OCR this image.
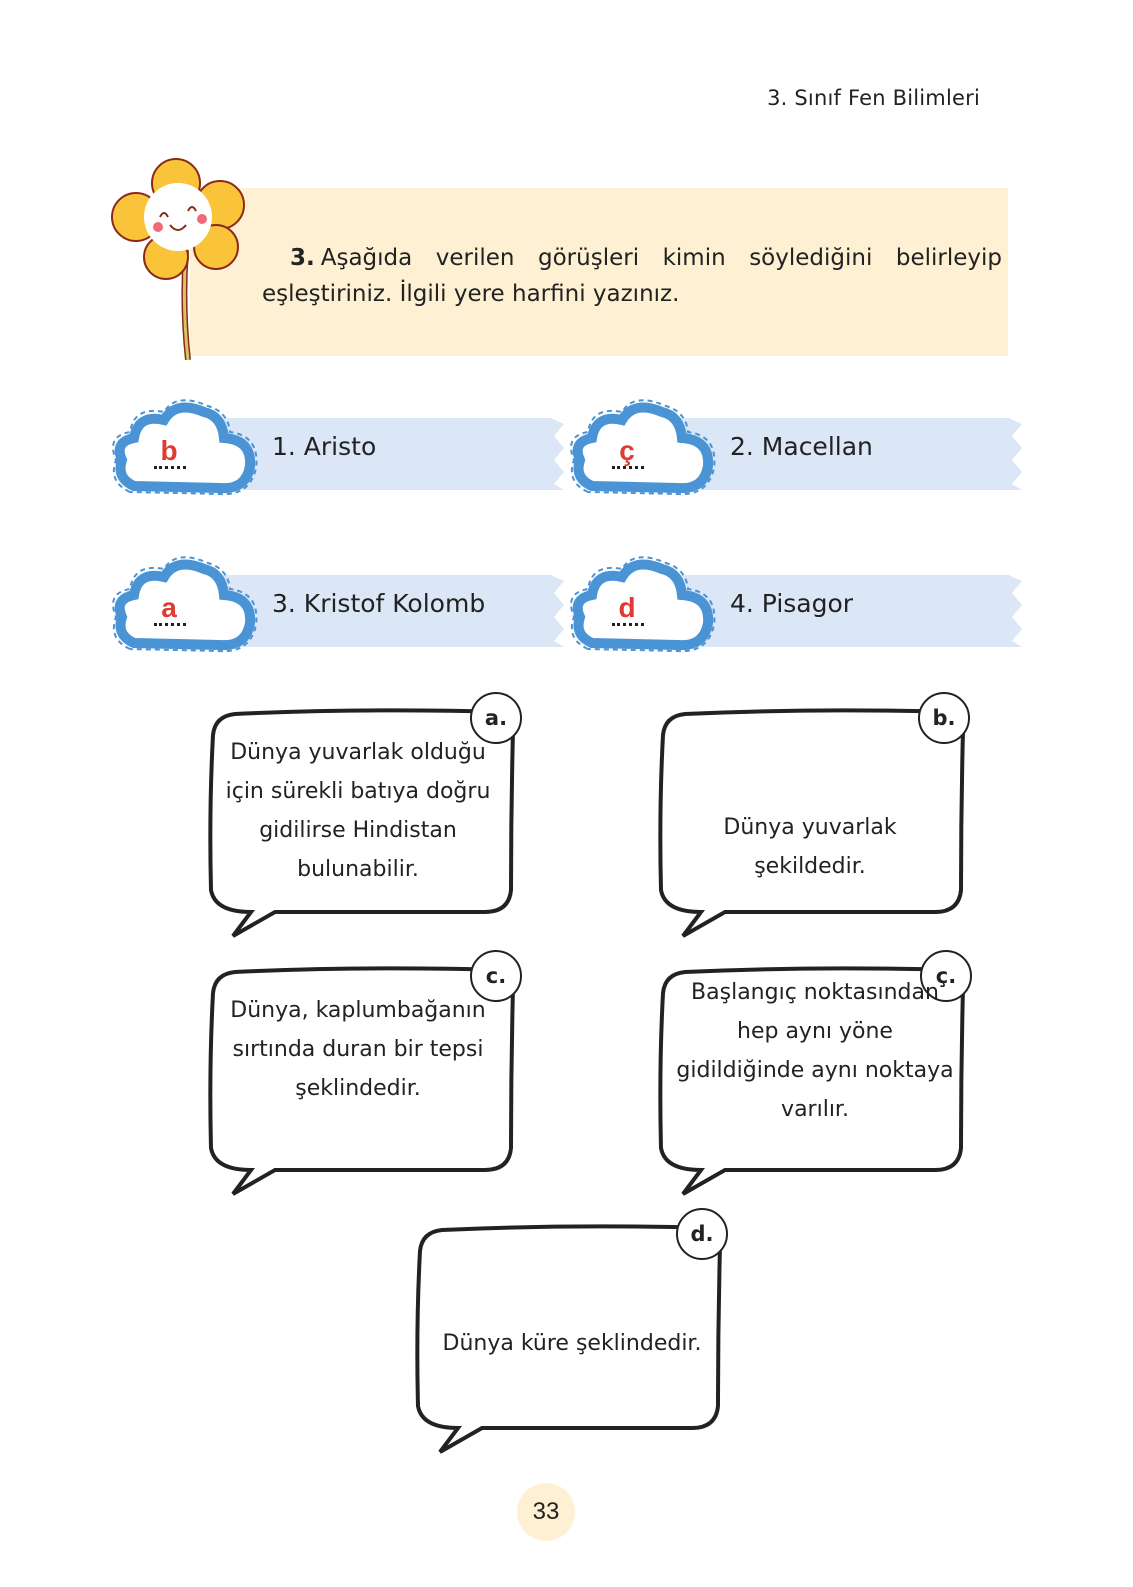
3. Sınıf Fen Bilimleri
3. Aşağıda verilen görüşleri kimin söylediğini belirleyip eşleştiriniz. İlgili yere harfini yazınız.
b	1. Aristo	ç	2. Macellan
a	3. Kristof Kolomb	d	4. Pisagor
a.
Dünya yuvarlak olduğu için sürekli batıya doğru gidilirse Hindistan bulunabilir.
b.
Dünya yuvarlak şekildedir.
c.
Dünya, kaplumbağanın sırtında duran bir tepsi şeklindedir.
ç.
Başlangıç noktasından hep aynı yöne gidildiğinde aynı noktaya varılır.
d.
Dünya küre şeklindedir.
33
